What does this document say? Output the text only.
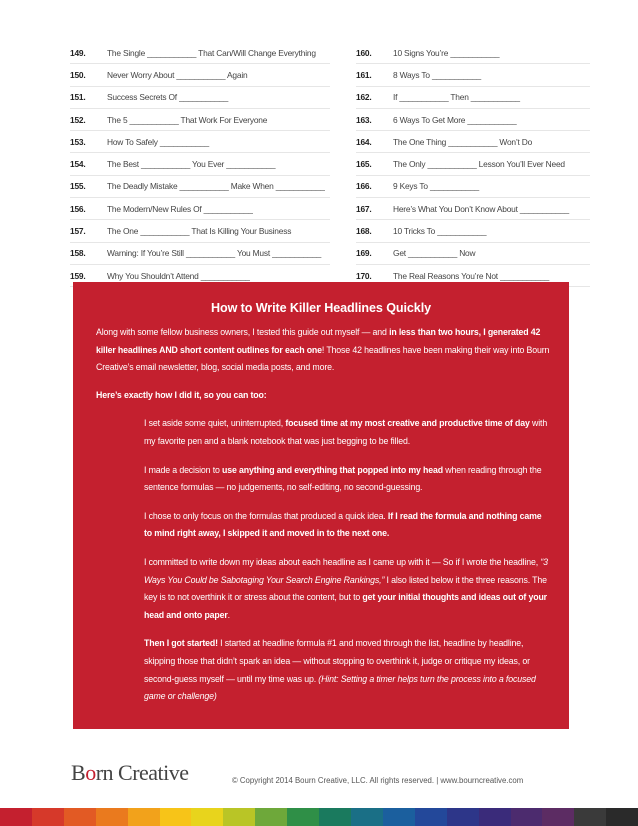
149.	The Single ___________ That Can/Will Change Everything
150.	Never Worry About ___________ Again
151.	Success Secrets Of ___________
152.	The 5 ___________ That Work For Everyone
153.	How To Safely ___________
154.	The Best ___________ You Ever ___________
155.	The Deadly Mistake ___________ Make When ___________
156.	The Modern/New Rules Of ___________
157.	The One ___________ That Is Killing Your Business
158.	Warning: If You’re Still ___________ You Must ___________
159.	Why You Shouldn’t Attend ___________
160.	10 Signs You’re ___________
161.	8 Ways To ___________
162.	If ___________ Then ___________
163.	6 Ways To Get More ___________
164.	The One Thing ___________ Won’t Do
165.	The Only ___________ Lesson You’ll Ever Need
166.	9 Keys To ___________
167.	Here’s What You Don’t Know About ___________
168.	10 Tricks To ___________
169.	Get ___________ Now
170.	The Real Reasons You’re Not ___________
How to Write Killer Headlines Quickly

Along with some fellow business owners, I tested this guide out myself — and in less than two hours, I generated 42 killer headlines AND short content outlines for each one! Those 42 headlines have been making their way into Bourn Creative’s email newsletter, blog, social media posts, and more.

Here’s exactly how I did it, so you can too:

I set aside some quiet, uninterrupted, focused time at my most creative and productive time of day with my favorite pen and a blank notebook that was just begging to be filled.

I made a decision to use anything and everything that popped into my head when reading through the sentence formulas — no judgements, no self-editing, no second-guessing.

I chose to only focus on the formulas that produced a quick idea. If I read the formula and nothing came to mind right away, I skipped it and moved in to the next one.

I committed to write down my ideas about each headline as I came up with it — So if I wrote the headline, “3 Ways You Could be Sabotaging Your Search Engine Rankings,” I also listed below it the three reasons. The key is to not overthink it or stress about the content, but to get your initial thoughts and ideas out of your head and onto paper.

Then I got started! I started at headline formula #1 and moved through the list, headline by headline, skipping those that didn’t spark an idea — without stopping to overthink it, judge or critique my ideas, or second-guess myself — until my time was up. (Hint: Setting a timer helps turn the process into a focused game or challenge)

Born Creative	© Copyright 2014 Bourn Creative, LLC. All rights reserved. | www.bourncreative.com
